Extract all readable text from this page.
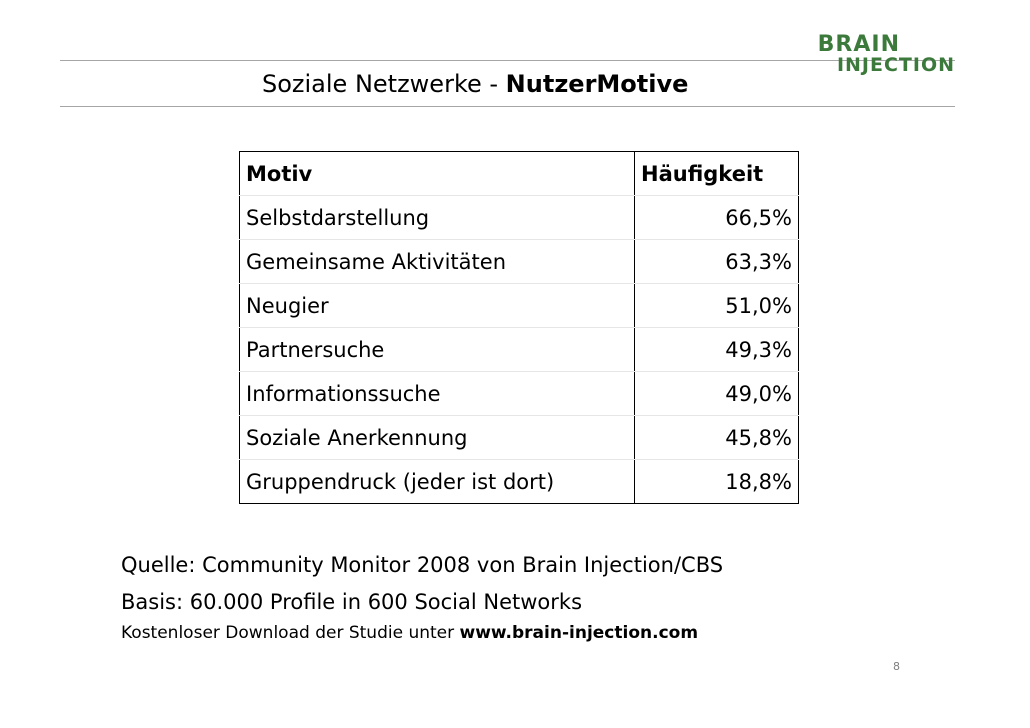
BRAIN
INJECTION
Soziale Netzwerke - NutzerMotive
Motiv	Häufigkeit
Selbstdarstellung	66,5%
Gemeinsame Aktivitäten	63,3%
Neugier	51,0%
Partnersuche	49,3%
Informationssuche	49,0%
Soziale Anerkennung	45,8%
Gruppendruck (jeder ist dort)	18,8%
Quelle: Community Monitor 2008 von Brain Injection/CBS
Basis: 60.000 Profile in 600 Social Networks
Kostenloser Download der Studie unter www.brain-injection.com
8
